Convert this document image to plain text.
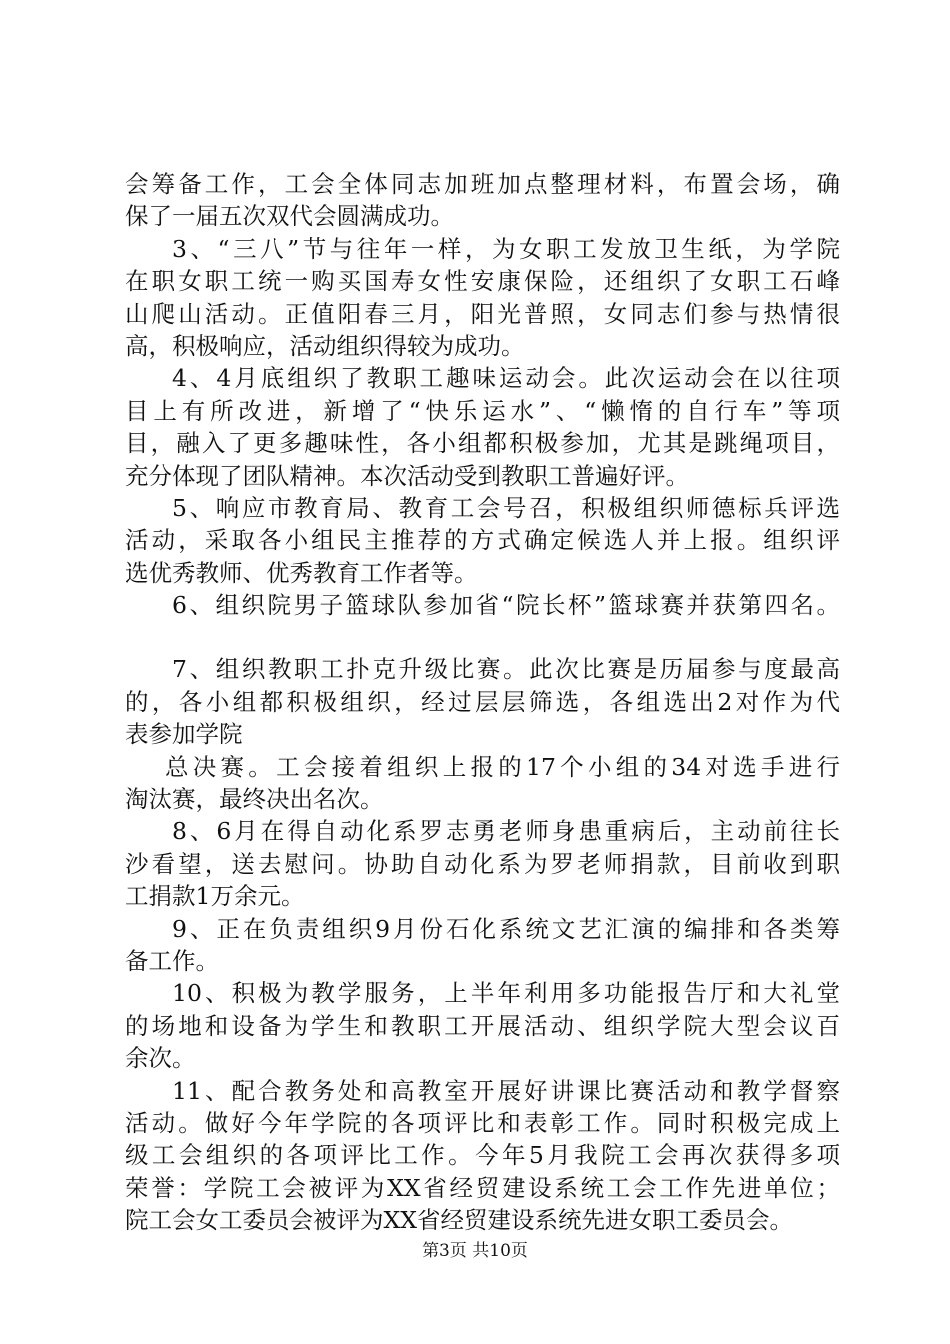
会筹备工作，工会全体同志加班加点整理材料，布置会场，确
保了一届五次双代会圆满成功。
3、“三八”节与往年一样，为女职工发放卫生纸，为学院
在职女职工统一购买国寿女性安康保险，还组织了女职工石峰
山爬山活动。正值阳春三月，阳光普照，女同志们参与热情很
高，积极响应，活动组织得较为成功。
4、4月底组织了教职工趣味运动会。此次运动会在以往项
目上有所改进，新增了“快乐运水”、“懒惰的自行车”等项
目，融入了更多趣味性，各小组都积极参加，尤其是跳绳项目，
充分体现了团队精神。本次活动受到教职工普遍好评。
5、响应市教育局、教育工会号召，积极组织师德标兵评选
活动，采取各小组民主推荐的方式确定候选人并上报。组织评
选优秀教师、优秀教育工作者等。
6、组织院男子篮球队参加省“院长杯”篮球赛并获第四名。
7、组织教职工扑克升级比赛。此次比赛是历届参与度最高
的，各小组都积极组织，经过层层筛选，各组选出2对作为代
表参加学院
总决赛。工会接着组织上报的17个小组的34对选手进行
淘汰赛，最终决出名次。
8、6月在得自动化系罗志勇老师身患重病后，主动前往长
沙看望，送去慰问。协助自动化系为罗老师捐款，目前收到职
工捐款1万余元。
9、正在负责组织9月份石化系统文艺汇演的编排和各类筹
备工作。
10、积极为教学服务，上半年利用多功能报告厅和大礼堂
的场地和设备为学生和教职工开展活动、组织学院大型会议百
余次。
11、配合教务处和高教室开展好讲课比赛活动和教学督察
活动。做好今年学院的各项评比和表彰工作。同时积极完成上
级工会组织的各项评比工作。今年5月我院工会再次获得多项
荣誉：学院工会被评为XX省经贸建设系统工会工作先进单位；
院工会女工委员会被评为XX省经贸建设系统先进女职工委员会。
第3页 共10页
